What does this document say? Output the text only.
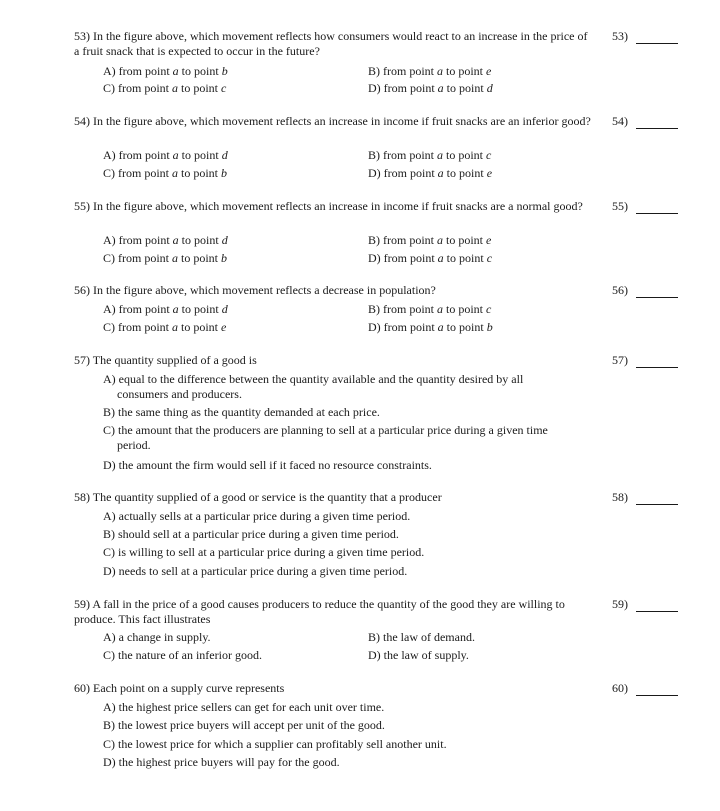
53) In the figure above, which movement reflects how consumers would react to an increase in the price of a fruit snack that is expected to occur in the future?
53)
A) from point a to point b	B) from point a to point e
C) from point a to point c	D) from point a to point d
54) In the figure above, which movement reflects an increase in income if fruit snacks are an inferior good? 54)
A) from point a to point d	B) from point a to point c
C) from point a to point b	D) from point a to point e
55) In the figure above, which movement reflects an increase in income if fruit snacks are a normal good?	55)
A) from point a to point d	B) from point a to point e
C) from point a to point b	D) from point a to point c
56) In the figure above, which movement reflects a decrease in population?	56)
A) from point a to point d	B) from point a to point c
C) from point a to point e	D) from point a to point b
57) The quantity supplied of a good is	57)
A) equal to the difference between the quantity available and the quantity desired by all
consumers and producers.
B) the same thing as the quantity demanded at each price.
C) the amount that the producers are planning to sell at a particular price during a given time
period.
D) the amount the firm would sell if it faced no resource constraints.
58) The quantity supplied of a good or service is the quantity that a producer	58)
A) actually sells at a particular price during a given time period.
B) should sell at a particular price during a given time period.
C) is willing to sell at a particular price during a given time period.
D) needs to sell at a particular price during a given time period.
59) A fall in the price of a good causes producers to reduce the quantity of the good they are willing to produce. This fact illustrates
59)
A) a change in supply.	B) the law of demand.
C) the nature of an inferior good.	D) the law of supply.
60) Each point on a supply curve represents	60)
A) the highest price sellers can get for each unit over time.
B) the lowest price buyers will accept per unit of the good.
C) the lowest price for which a supplier can profitably sell another unit.
D) the highest price buyers will pay for the good.
